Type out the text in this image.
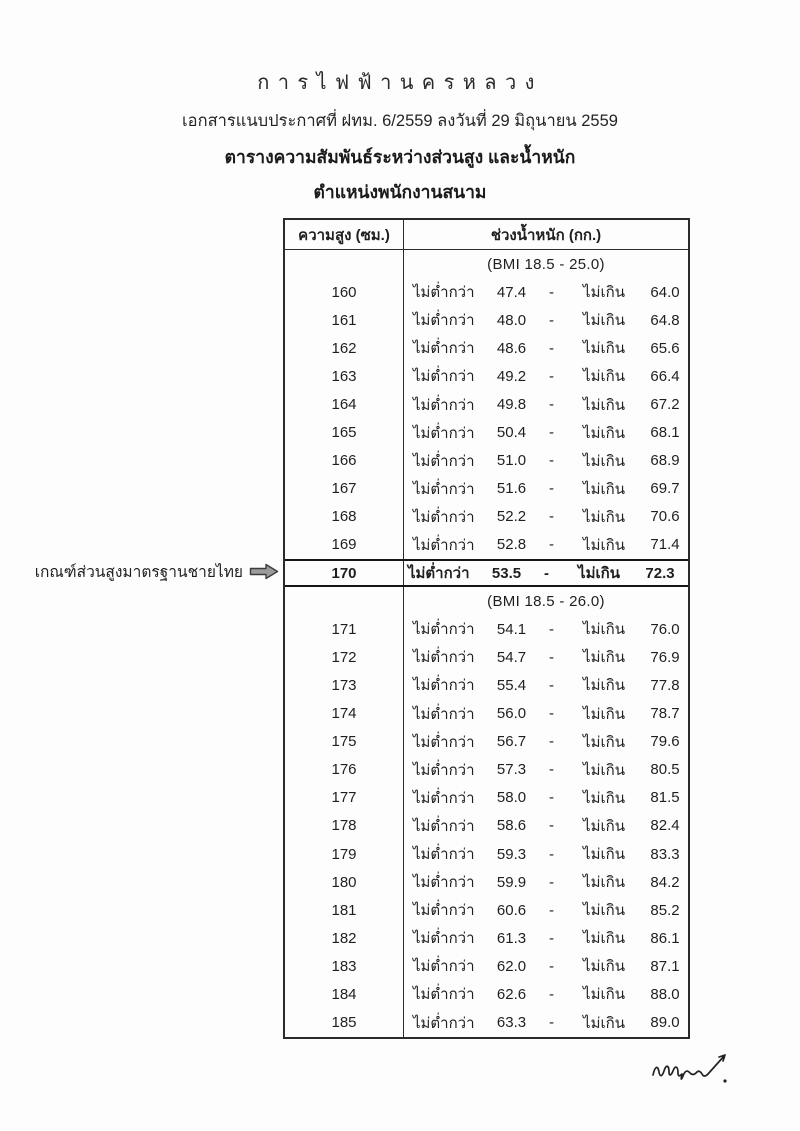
การไฟฟ้านครหลวง
เอกสารแนบประกาศที่ ฝทม. 6/2559 ลงวันที่ 29 มิถุนายน 2559
ตารางความสัมพันธ์ระหว่างส่วนสูง และน้ำหนัก
ตำแหน่งพนักงานสนาม
เกณฑ์ส่วนสูงมาตรฐานชายไทย
ความสูง (ซม.)	ช่วงน้ำหนัก (กก.)
(BMI 18.5 - 25.0)
160	ไม่ต่ำกว่า	47.4	-	ไม่เกิน	64.0
161	ไม่ต่ำกว่า	48.0	-	ไม่เกิน	64.8
162	ไม่ต่ำกว่า	48.6	-	ไม่เกิน	65.6
163	ไม่ต่ำกว่า	49.2	-	ไม่เกิน	66.4
164	ไม่ต่ำกว่า	49.8	-	ไม่เกิน	67.2
165	ไม่ต่ำกว่า	50.4	-	ไม่เกิน	68.1
166	ไม่ต่ำกว่า	51.0	-	ไม่เกิน	68.9
167	ไม่ต่ำกว่า	51.6	-	ไม่เกิน	69.7
168	ไม่ต่ำกว่า	52.2	-	ไม่เกิน	70.6
169	ไม่ต่ำกว่า	52.8	-	ไม่เกิน	71.4
170	ไม่ต่ำกว่า	53.5	-	ไม่เกิน	72.3
(BMI 18.5 - 26.0)
171	ไม่ต่ำกว่า	54.1	-	ไม่เกิน	76.0
172	ไม่ต่ำกว่า	54.7	-	ไม่เกิน	76.9
173	ไม่ต่ำกว่า	55.4	-	ไม่เกิน	77.8
174	ไม่ต่ำกว่า	56.0	-	ไม่เกิน	78.7
175	ไม่ต่ำกว่า	56.7	-	ไม่เกิน	79.6
176	ไม่ต่ำกว่า	57.3	-	ไม่เกิน	80.5
177	ไม่ต่ำกว่า	58.0	-	ไม่เกิน	81.5
178	ไม่ต่ำกว่า	58.6	-	ไม่เกิน	82.4
179	ไม่ต่ำกว่า	59.3	-	ไม่เกิน	83.3
180	ไม่ต่ำกว่า	59.9	-	ไม่เกิน	84.2
181	ไม่ต่ำกว่า	60.6	-	ไม่เกิน	85.2
182	ไม่ต่ำกว่า	61.3	-	ไม่เกิน	86.1
183	ไม่ต่ำกว่า	62.0	-	ไม่เกิน	87.1
184	ไม่ต่ำกว่า	62.6	-	ไม่เกิน	88.0
185	ไม่ต่ำกว่า	63.3	-	ไม่เกิน	89.0
